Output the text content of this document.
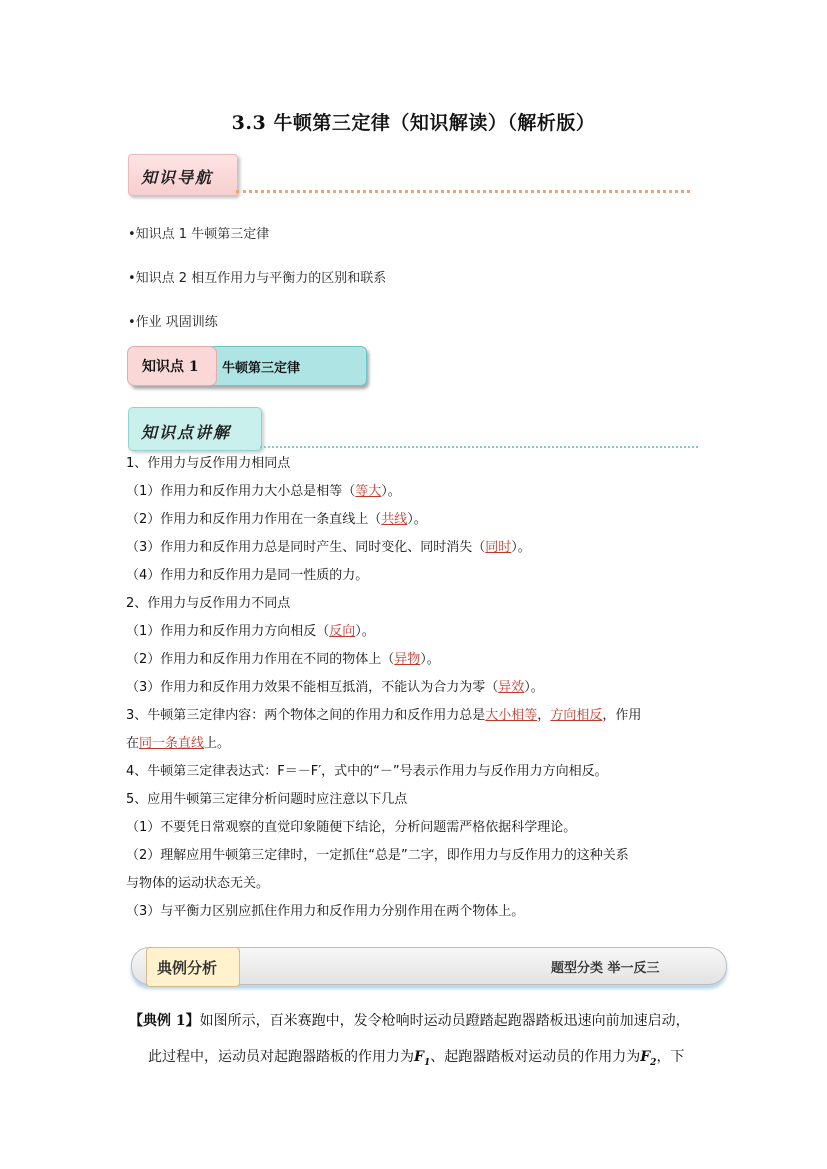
3.3 牛顿第三定律（知识解读）（解析版）
知识导航
•知识点 1 牛顿第三定律
•知识点 2 相互作用力与平衡力的区别和联系
•作业 巩固训练
知识点 1 牛顿第三定律
知识点讲解
1、作用力与反作用力相同点
（1）作用力和反作用力大小总是相等（等大）。
（2）作用力和反作用力作用在一条直线上（共线）。
（3）作用力和反作用力总是同时产生、同时变化、同时消失（同时）。
（4）作用力和反作用力是同一性质的力。
2、作用力与反作用力不同点
（1）作用力和反作用力方向相反（反向）。
（2）作用力和反作用力作用在不同的物体上（异物）。
（3）作用力和反作用力效果不能相互抵消，不能认为合力为零（异效）。
3、牛顿第三定律内容：两个物体之间的作用力和反作用力总是大小相等，方向相反，作用
在同一条直线上。
4、牛顿第三定律表达式：F＝－F′，式中的“－”号表示作用力与反作用力方向相反。
5、应用牛顿第三定律分析问题时应注意以下几点
（1）不要凭日常观察的直觉印象随便下结论，分析问题需严格依据科学理论。
（2）理解应用牛顿第三定律时，一定抓住“总是”二字，即作用力与反作用力的这种关系
与物体的运动状态无关。
（3）与平衡力区别应抓住作用力和反作用力分别作用在两个物体上。
典例分析	题型分类 举一反三
【典例 1】如图所示，百米赛跑中，发令枪响时运动员蹬踏起跑器踏板迅速向前加速启动，
此过程中，运动员对起跑器踏板的作用力为$F_1$、起跑器踏板对运动员的作用力为$F_2$，下
